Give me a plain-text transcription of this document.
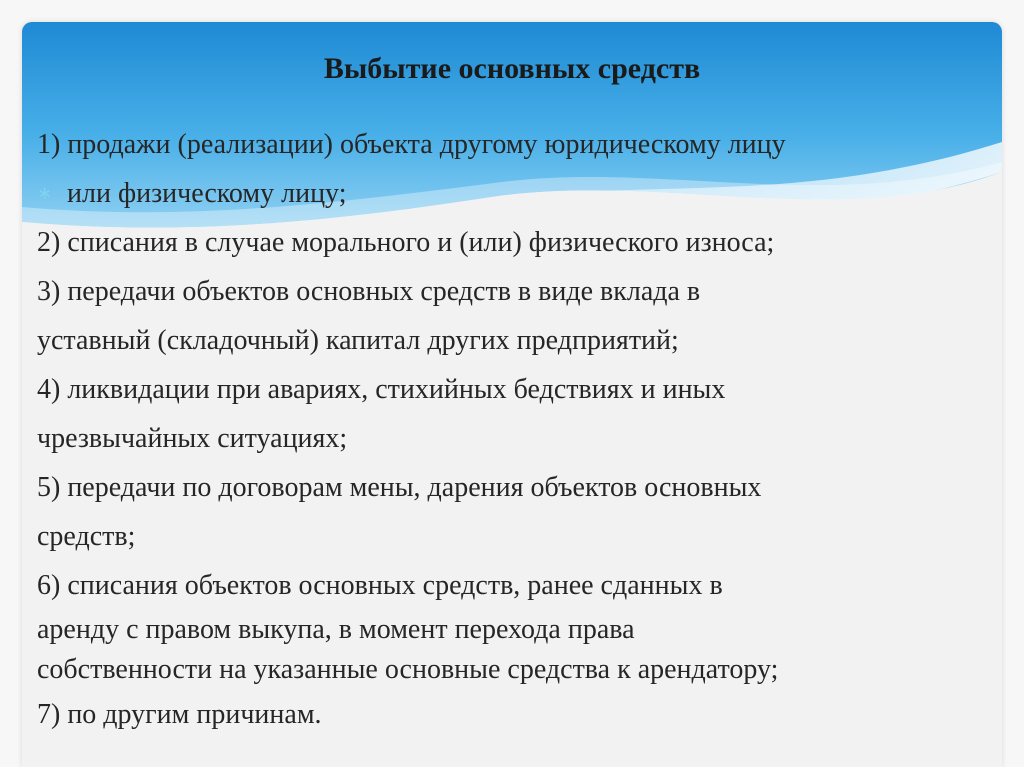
Выбытие основных средств
1) продажи (реализации) объекта другому юридическому лицу
∗ или физическому лицу;
2) списания в случае морального и (или) физического износа;
3) передачи объектов основных средств в виде вклада в
уставный (складочный) капитал других предприятий;
4) ликвидации при авариях, стихийных бедствиях и иных
чрезвычайных ситуациях;
5) передачи по договорам мены, дарения объектов основных
средств;
6) списания объектов основных средств, ранее сданных в
аренду с правом выкупа, в момент перехода права
собственности на указанные основные средства к арендатору;
7) по другим причинам.
